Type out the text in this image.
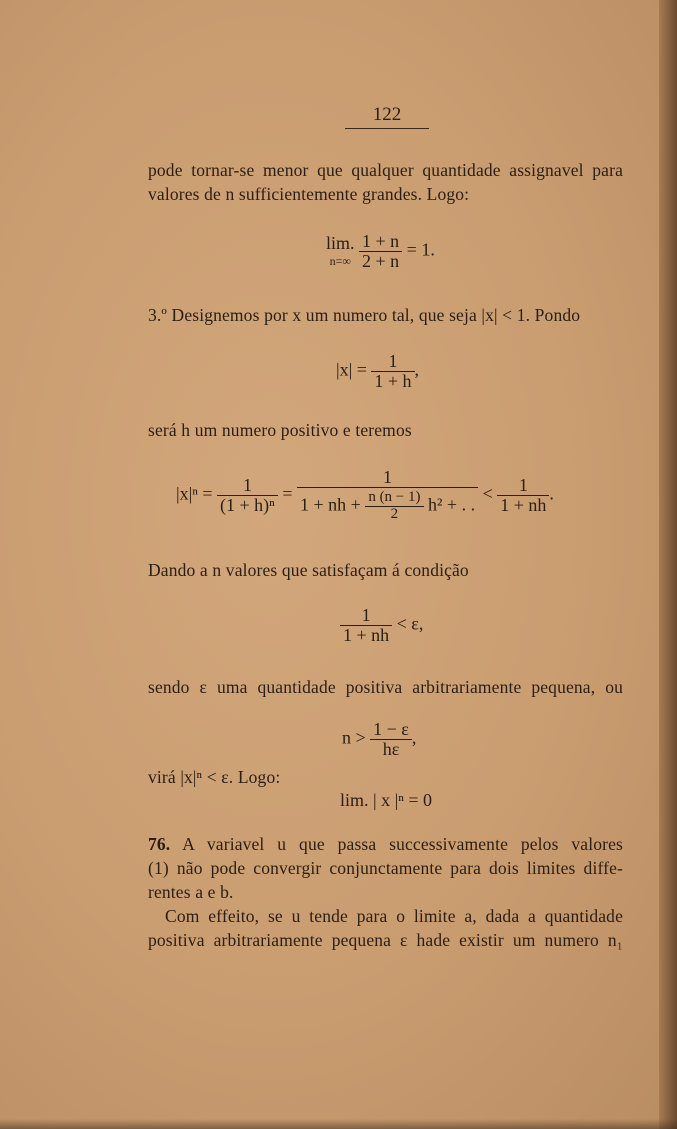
122
pode tornar-se menor que qualquer quantidade assignavel para
valores de n sufficientemente grandes. Logo:
lim.
n=∞
$\frac{1 + n}{2 + n} = 1$.
3.º Designemos por x um numero tal, que seja |x| < 1. Pondo
$|x| = \frac{1}{1 + h}$ ,
será h um numero positivo e teremos
$|x|^n = \frac{1}{\text{(1 + h)ⁿ}}$ =
1
1 + nh + $\frac{n (n - 1)}{2} h^2$ + . .
< $\frac{1}{1 + nh}$ .
Dando a n valores que satisfaçam á condição
$\frac{1}{1 + nh} < \varepsilon$,
sendo ε uma quantidade positiva arbitrariamente pequena, ou
$n > \frac{1 - \varepsilon}{h\varepsilon}$ ,
virá |x|ⁿ < ε. Logo:
lim. | x |ⁿ = 0
76. A variavel u que passa successivamente pelos valores
(1) não pode convergir conjunctamente para dois limites diffe-
rentes a e b.
Com effeito, se u tende para o limite a, dada a quantidade
positiva arbitrariamente pequena ε hade existir um numero n₁
